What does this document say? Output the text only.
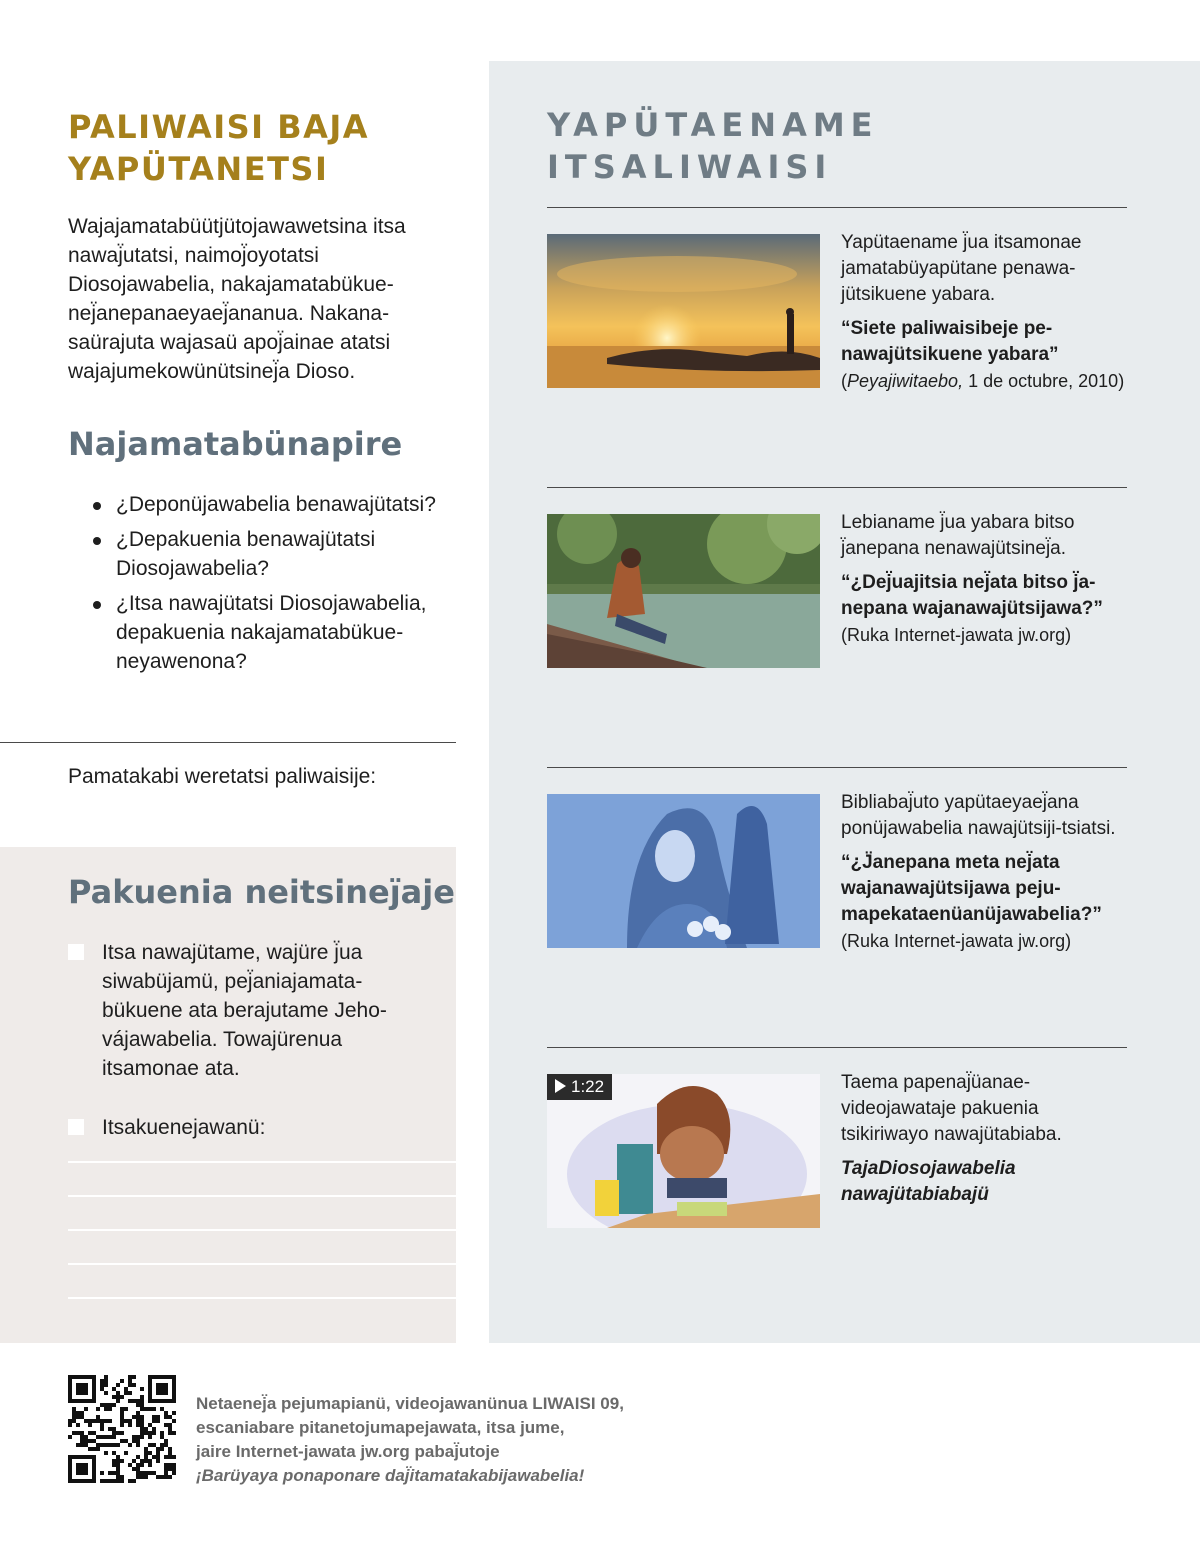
PALIWAISI BAJA
YAPÜTANETSI

Wajajamatabüütjütojawawetsina itsa nawaj̈utatsi, naimoj̈oyotatsi Diosojawabelia, nakajamatabükue-nej̈anepanaeyaej̈ananua. Nakana-saürajuta wajasaü apoj̈ainae atatsi wajajumekowünütsinej̈a Dioso.

Najamatabünapire
¿Deponüjawabelia benawajütatsi?
¿Depakuenia benawajütatsi Diosojawabelia?
¿Itsa nawajütatsi Diosojawabelia, depakuenia nakajamatabükue-neyawenona?

Pamatakabi weretatsi paliwaisije:

Pakuenia neitsinej̈aje
Itsa nawajütame, wajüre j̈ua siwabüjamü, pej̈aniajamata-bükuene ata berajutame Jeho-vájawabelia. Towajürenua itsamonae ata.
Itsakuenejawanü:
YAPÜTAENAME
ITSALIWAISI

Yapütaename j̈ua itsamonae jamatabüyapütane penawa-jütsikuene yabara.

“Siete paliwaisibeje pe-nawajütsikuene yabara”

(Peyajiwitaebo, 1 de octubre, 2010)

Lebianame j̈ua yabara bitso j̈anepana nenawajütsinej̈a.

“¿Dej̈uajitsia nej̈ata bitso j̈a-nepana wajanawajütsijawa?”

(Ruka Internet-jawata jw.org)

Bibliabaj̈uto yapütaeyaej̈ana ponüjawabelia nawajütsiji-tsiatsi.

“¿J̈anepana meta nej̈ata wajanawajütsijawa peju-mapekataenüanüjawabelia?”

(Ruka Internet-jawata jw.org)

1:22	Taema papenaj̈üanae-videojawataje pakuenia tsikiriwayo nawajütabiaba.

TajaDiosojawabelia nawajütabiabajü

Netaenej̈a pejumapianü, videojawanünua LIWAISI 09,
escaniabare pitanetojumapejawata, itsa jume,
jaire Internet-jawata jw.org pabaj̈utoje
¡Barüyaya ponaponare daj̈itamatakabijawabelia!
